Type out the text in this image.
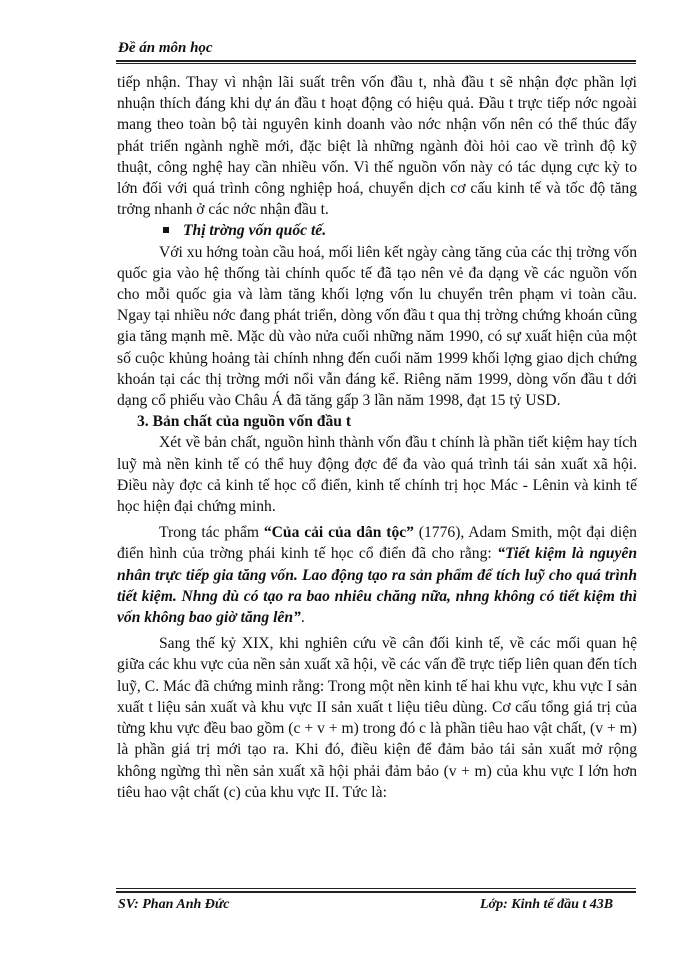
Đề án môn học

tiếp nhận. Thay vì nhận lãi suất trên vốn đầu t, nhà đầu t sẽ nhận đợc phần lợi nhuận thích đáng khi dự án đầu t hoạt động có hiệu quả. Đầu t trực tiếp nớc ngoài mang theo toàn bộ tài nguyên kinh doanh vào nớc nhận vốn nên có thể thúc đẩy phát triển ngành nghề mới, đặc biệt là những ngành đòi hỏi cao về trình độ kỹ thuật, công nghệ hay cần nhiều vốn. Vì thế nguồn vốn này có tác dụng cực kỳ to lớn đối với quá trình công nghiệp hoá, chuyển dịch cơ cấu kinh tế và tốc độ tăng trởng nhanh ở các nớc nhận đầu t.

Thị trờng vốn quốc tế.

Với xu hớng toàn cầu hoá, mối liên kết ngày càng tăng của các thị trờng vốn quốc gia vào hệ thống tài chính quốc tế đã tạo nên vẻ đa dạng về các nguồn vốn cho mỗi quốc gia và làm tăng khối lợng vốn lu chuyển trên phạm vi toàn cầu. Ngay tại nhiều nớc đang phát triển, dòng vốn đầu t qua thị trờng chứng khoán cũng gia tăng mạnh mẽ. Mặc dù vào nửa cuối những năm 1990, có sự xuất hiện của một số cuộc khủng hoảng tài chính nhng đến cuối năm 1999 khối lợng giao dịch chứng khoán tại các thị trờng mới nổi vẫn đáng kể. Riêng năm 1999, dòng vốn đầu t dới dạng cổ phiếu vào Châu Á đã tăng gấp 3 lần năm 1998, đạt 15 tỷ USD.

3. Bản chất của nguồn vốn đầu t

Xét về bản chất, nguồn hình thành vốn đầu t chính là phần tiết kiệm hay tích luỹ mà nền kinh tế có thể huy động đợc để đa vào quá trình tái sản xuất xã hội. Điều này đợc cả kinh tế học cổ điển, kinh tế chính trị học Mác - Lênin và kinh tế học hiện đại chứng minh.

Trong tác phẩm “Của cải của dân tộc” (1776), Adam Smith, một đại diện điển hình của trờng phái kinh tế học cổ điển đã cho rằng: “Tiết kiệm là nguyên nhân trực tiếp gia tăng vốn. Lao động tạo ra sản phẩm để tích luỹ cho quá trình tiết kiệm. Nhng dù có tạo ra bao nhiêu chăng nữa, nhng không có tiết kiệm thì vốn không bao giờ tăng lên”.

Sang thế kỷ XIX, khi nghiên cứu về cân đối kinh tế, về các mối quan hệ giữa các khu vực của nền sản xuất xã hội, về các vấn đề trực tiếp liên quan đến tích luỹ, C. Mác đã chứng minh rằng: Trong một nền kinh tế hai khu vực, khu vực I sản xuất t liệu sản xuất và khu vực II sản xuất t liệu tiêu dùng. Cơ cấu tổng giá trị của từng khu vực đều bao gồm (c + v + m) trong đó c là phần tiêu hao vật chất, (v + m) là phần giá trị mới tạo ra. Khi đó, điều kiện để đảm bảo tái sản xuất mở rộng không ngừng thì nền sản xuất xã hội phải đảm bảo (v + m) của khu vực I lớn hơn tiêu hao vật chất (c) của khu vực II. Tức là:

SV: Phan Anh Đức	Lớp: Kinh tế đầu t 43B
